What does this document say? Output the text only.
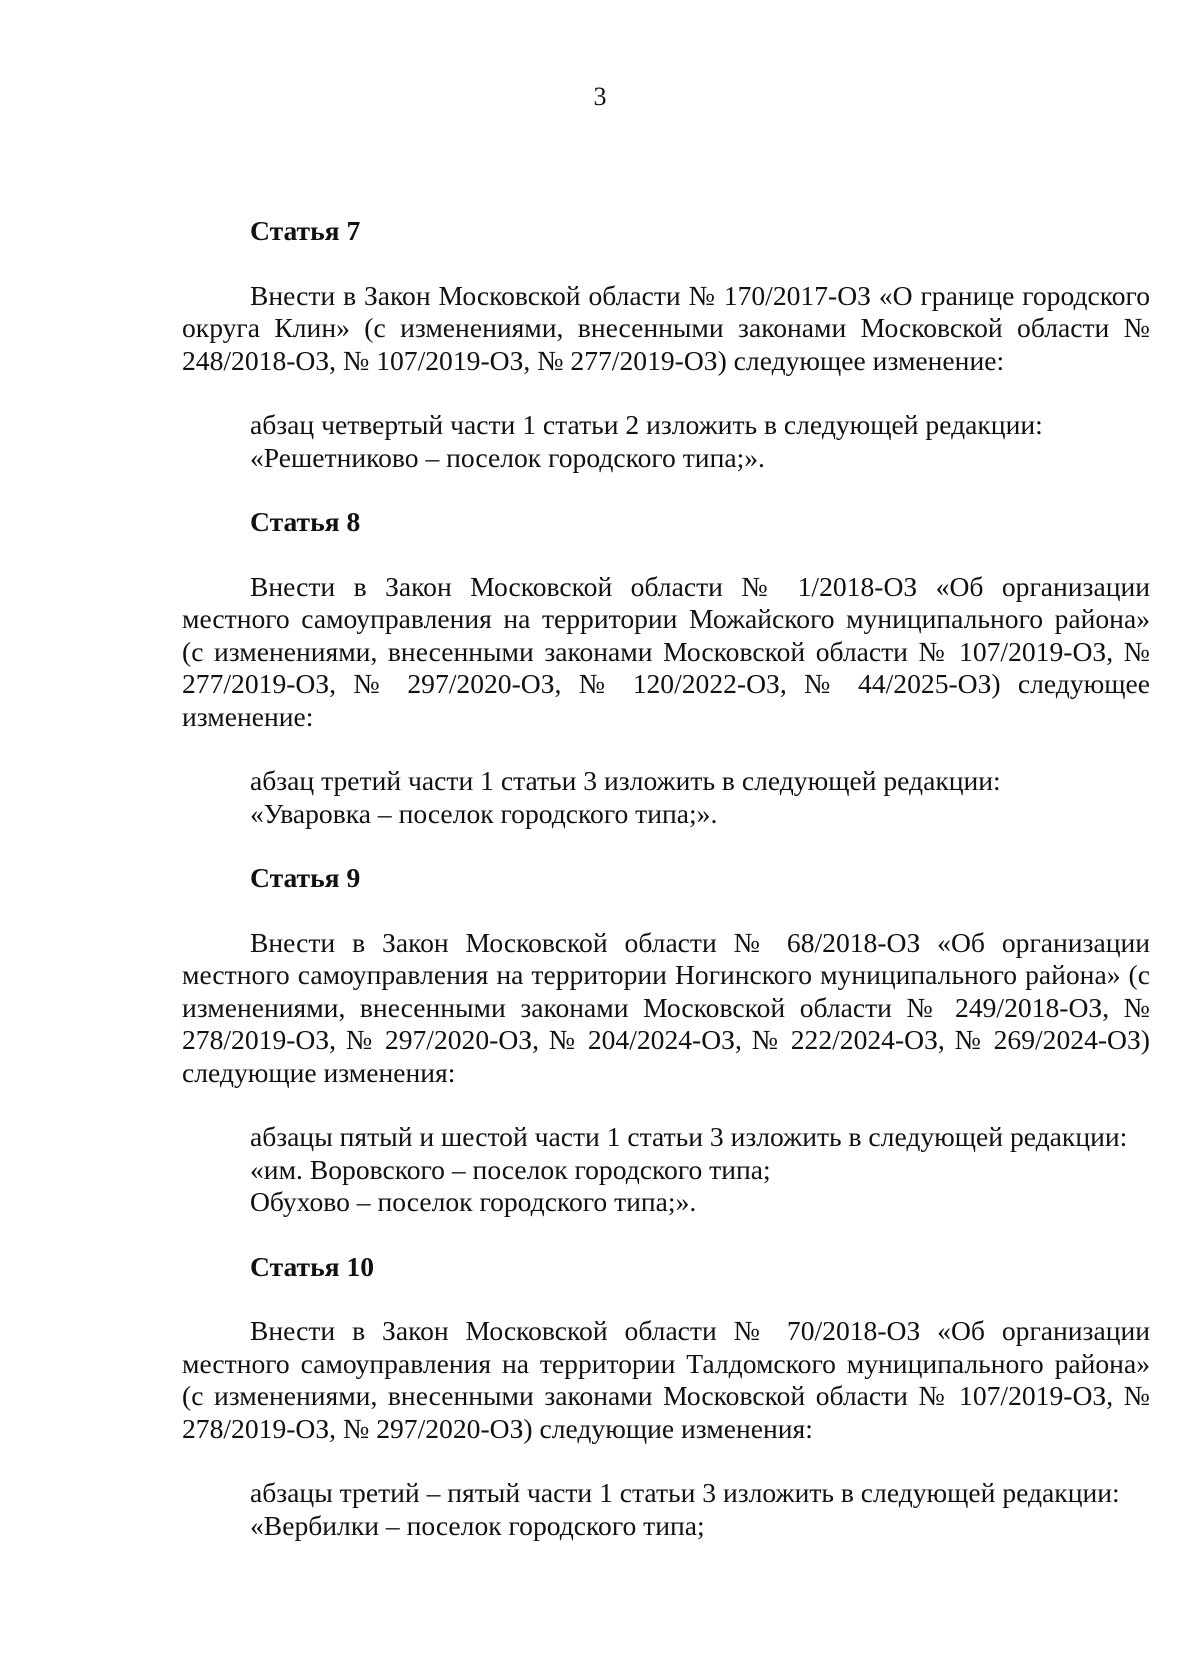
3

Статья 7

Внести в Закон Московской области № 170/2017-ОЗ «О границе городского округа Клин» (с изменениями, внесенными законами Московской области № 248/2018-ОЗ, № 107/2019-ОЗ, № 277/2019-ОЗ) следующее изменение:

абзац четвертый части 1 статьи 2 изложить в следующей редакции:

«Решетниково – поселок городского типа;».

Статья 8

Внести в Закон Московской области № 1/2018-ОЗ «Об организации местного самоуправления на территории Можайского муниципального района» (с изменениями, внесенными законами Московской области № 107/2019-ОЗ, № 277/2019-ОЗ, № 297/2020-ОЗ, № 120/2022-ОЗ, № 44/2025-ОЗ) следующее изменение:

абзац третий части 1 статьи 3 изложить в следующей редакции:

«Уваровка – поселок городского типа;».

Статья 9

Внести в Закон Московской области № 68/2018-ОЗ «Об организации местного самоуправления на территории Ногинского муниципального района» (с изменениями, внесенными законами Московской области № 249/2018-ОЗ, № 278/2019-ОЗ, № 297/2020-ОЗ, № 204/2024-ОЗ, № 222/2024-ОЗ, № 269/2024-ОЗ) следующие изменения:

абзацы пятый и шестой части 1 статьи 3 изложить в следующей редакции:

«им. Воровского – поселок городского типа;

Обухово – поселок городского типа;».

Статья 10

Внести в Закон Московской области № 70/2018-ОЗ «Об организации местного самоуправления на территории Талдомского муниципального района» (с изменениями, внесенными законами Московской области № 107/2019-ОЗ, № 278/2019-ОЗ, № 297/2020-ОЗ) следующие изменения:

абзацы третий – пятый части 1 статьи 3 изложить в следующей редакции:

«Вербилки – поселок городского типа;
